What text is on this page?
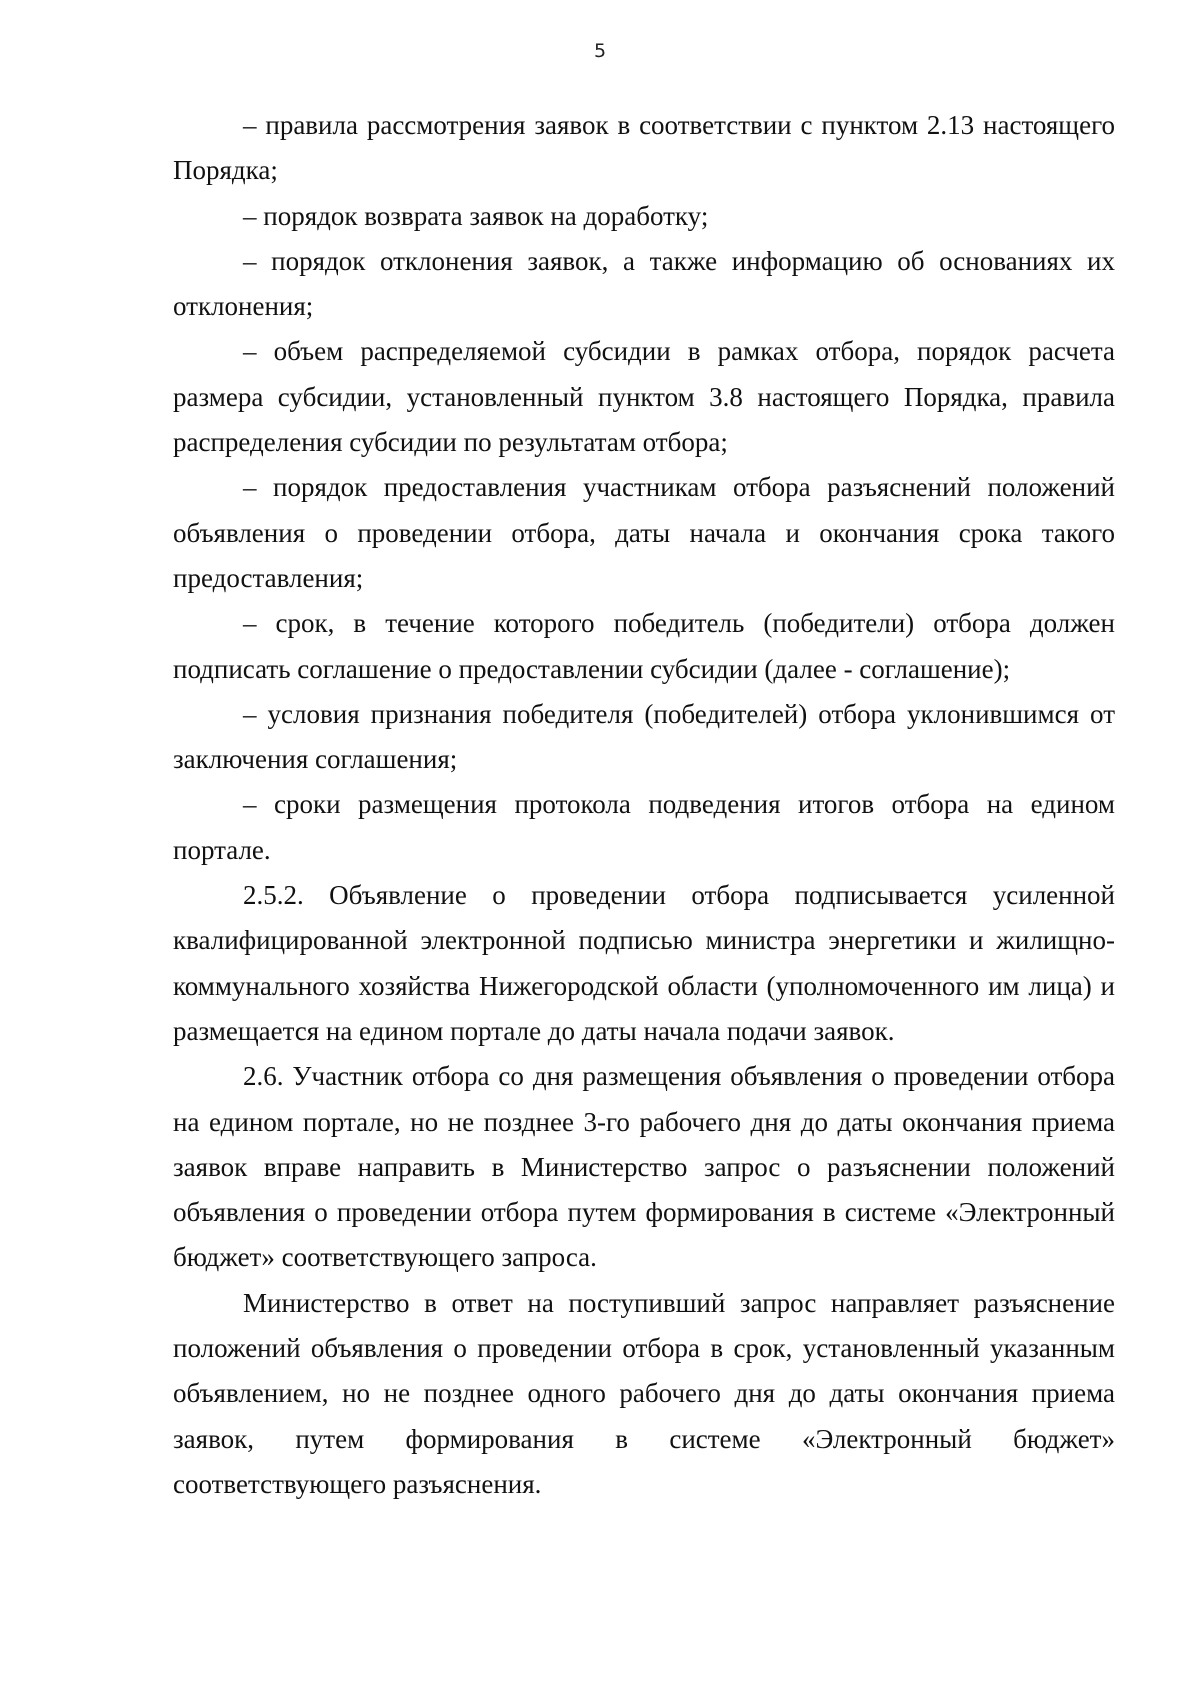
5

– правила рассмотрения заявок в соответствии с пунктом 2.13 настоящего Порядка;

– порядок возврата заявок на доработку;

– порядок отклонения заявок, а также информацию об основаниях их отклонения;

– объем распределяемой субсидии в рамках отбора, порядок расчета размера субсидии, установленный пунктом 3.8 настоящего Порядка, правила распределения субсидии по результатам отбора;

– порядок предоставления участникам отбора разъяснений положений объявления о проведении отбора, даты начала и окончания срока такого предоставления;

– срок, в течение которого победитель (победители) отбора должен подписать соглашение о предоставлении субсидии (далее - соглашение);

– условия признания победителя (победителей) отбора уклонившимся от заключения соглашения;

– сроки размещения протокола подведения итогов отбора на едином портале.

2.5.2. Объявление о проведении отбора подписывается усиленной квалифицированной электронной подписью министра энергетики и жилищно-коммунального хозяйства Нижегородской области (уполномоченного им лица) и размещается на едином портале до даты начала подачи заявок.

2.6. Участник отбора со дня размещения объявления о проведении отбора на едином портале, но не позднее 3-го рабочего дня до даты окончания приема заявок вправе направить в Министерство запрос о разъяснении положений объявления о проведении отбора путем формирования в системе «Электронный бюджет» соответствующего запроса.

Министерство в ответ на поступивший запрос направляет разъяснение положений объявления о проведении отбора в срок, установленный указанным объявлением, но не позднее одного рабочего дня до даты окончания приема заявок, путем формирования в системе «Электронный бюджет» соответствующего разъяснения.
